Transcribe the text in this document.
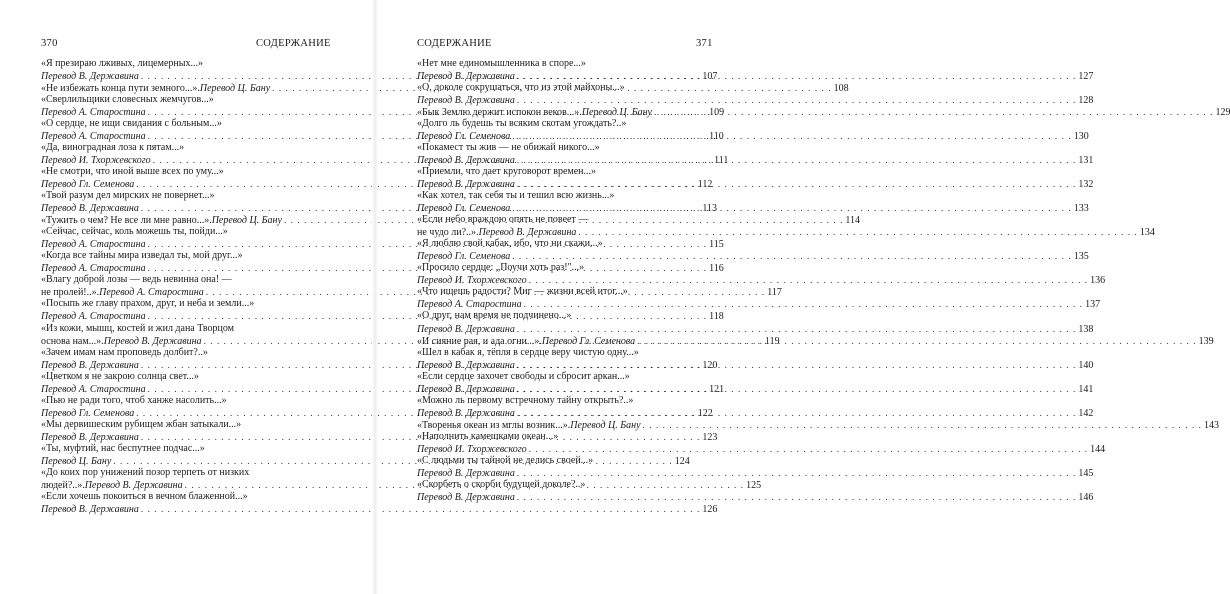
370	СОДЕРЖАНИЕ
«Я презираю лживых, лицемерных...»
Перевод В. Державина . . .	107
«Не избежать конца пути земного...». Перевод Ц. Бану . . .	108
«Сверлильщики словесных жемчугов...»
Перевод А. Старостина . . .	109
«О сердце, не ищи свидания с больным...»
Перевод А. Старостина . . .	110
«Да, виноградная лоза к пятам...»
Перевод И. Тхоржевского . . .	111
«Не смотри, что иной выше всех по уму...»
Перевод Гл. Семенова . . .	112
«Твой разум дел мирских не повернет...»
Перевод В. Державина . . .	113
«Тужить о чем? Не все ли мне равно...». Перевод Ц. Бану . . .	114
«Сейчас, сейчас, коль можешь ты, пойди...»
Перевод А. Старостина . . .	115
«Когда все тайны мира изведал ты, мой друг...»
Перевод А. Старостина . . .	116
«Влагу доброй лозы — ведь невинна она! —
не пролей!..». Перевод А. Старостина . . .	117
«Посыпь же главу прахом, друг, и неба и земли...»
Перевод А. Старостина . . .	118
«Из кожи, мышц, костей и жил дана Творцом
основа нам...». Перевод В. Державина . . .	119
«Зачем имам нам проповедь долбит?..»
Перевод В. Державина . . .	120
«Цветком я не закрою солнца свет...»
Перевод А. Старостина . . .	121
«Пью не ради того, чтоб ханже насолить...»
Перевод Гл. Семенова . . .	122
«Мы дервишеским рубищем жбан затыкали...»
Перевод В. Державина . . .	123
«Ты, муфтий, нас беспутнее подчас...»
Перевод Ц. Бану . . .	124
«До коих пор унижений позор терпеть от низких
людей?..». Перевод В. Державина . . .	125
«Если хочешь покоиться в вечном блаженной...»
Перевод В. Державина . . .	126
СОДЕРЖАНИЕ	371
«Нет мне единомышленника в споре...»
Перевод В. Державина . . .	127
«О, доколе сокрушаться, что из этой майхоны...»
Перевод В. Державина . . .	128
«Бык Землю держит испокон веков...». Перевод Ц. Бану . . .	129
«Долго ль будешь ты всяким скотам угождать?..»
Перевод Гл. Семенова . . .	130
«Покамест ты жив — не обижай никого...»
Перевод В. Державина . . .	131
«Приемли, что дает круговорот времен...»
Перевод В. Державина . . .	132
«Как хотел, так себя ты и тешил всю жизнь...»
Перевод Гл. Семенова . . .	133
«Если небо враждою опять не повеет —
не чудо ли?..». Перевод В. Державина . . .	134
«Я люблю свой кабак, ибо, что ни скажи...»
Перевод Гл. Семенова . . .	135
«Просило сердце: „Поучи хоть раз!"...»
Перевод И. Тхоржевского . . .	136
«Что ищешь радости? Миг — жизни всей итог...»
Перевод А. Старостина . . .	137
«О друг, нам время не подчинено...»
Перевод В. Державина . . .	138
«И сияние рая, и ада огни...». Перевод Гл. Семенова . . .	139
«Шел в кабак я, тёпля в сердце веру чистую одну...»
Перевод В. Державина . . .	140
«Если сердце захочет свободы и сбросит аркан...»
Перевод В. Державина . . .	141
«Можно ль первому встречному тайну открыть?..»
Перевод В. Державина . . .	142
«Творенья океан из мглы возник...». Перевод Ц. Бану . . .	143
«Наполнить камешками океан...»
Перевод И. Тхоржевского . . .	144
«С людьми ты тайной не делись своей...»
Перевод В. Державина . . .	145
«Скорбеть о скорби будущей доколе?..»
Перевод В. Державина . . .	146
